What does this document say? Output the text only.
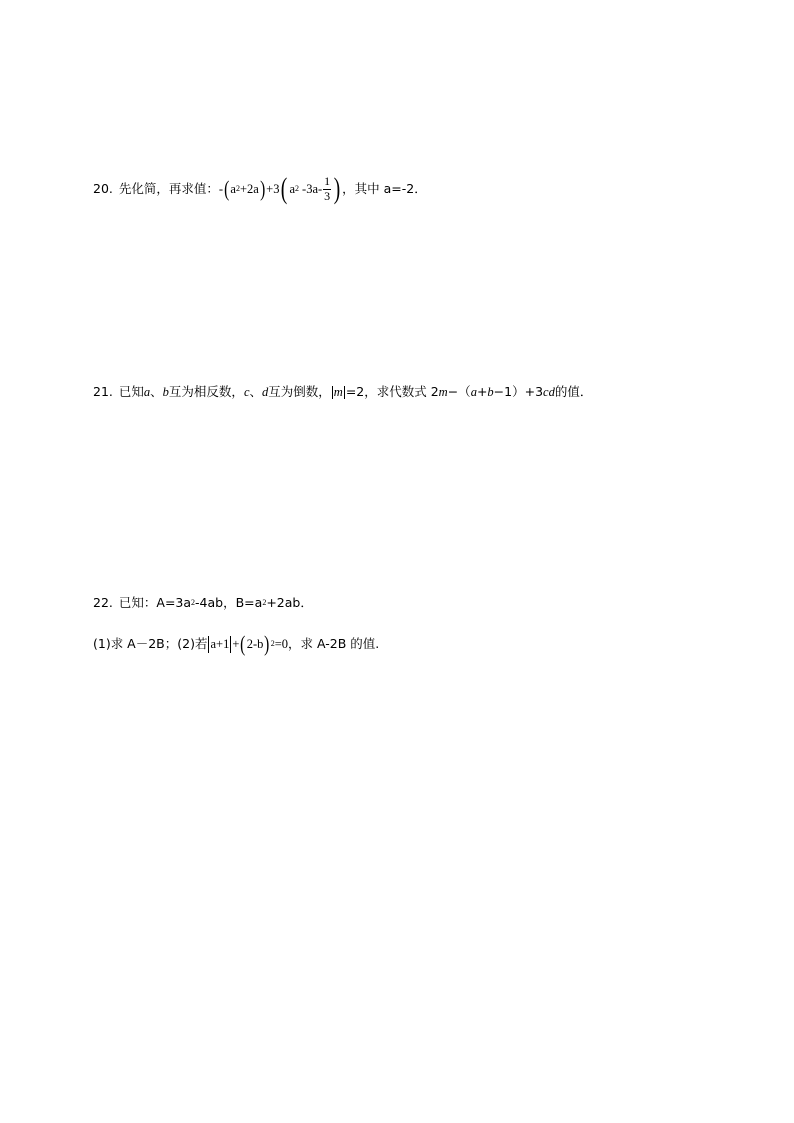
20. 先化简，再求值： - ( a 2 +2a ) +3 ( a 2 $-3a- \frac{1}{3}$ ) ，其中 a=-2．
21. 已知 a 、 b 互为相反数， c 、 d 互为倒数， m =2，求代数式 2 m −（ a + b −1）+3 cd 的值．
22. 已知：A=3a 2 -4ab，B=a 2 +2ab．
(1)求 A－2B；(2)若 a+1 + ( 2-b ) 2 =0 ，求 A-2B 的值.
